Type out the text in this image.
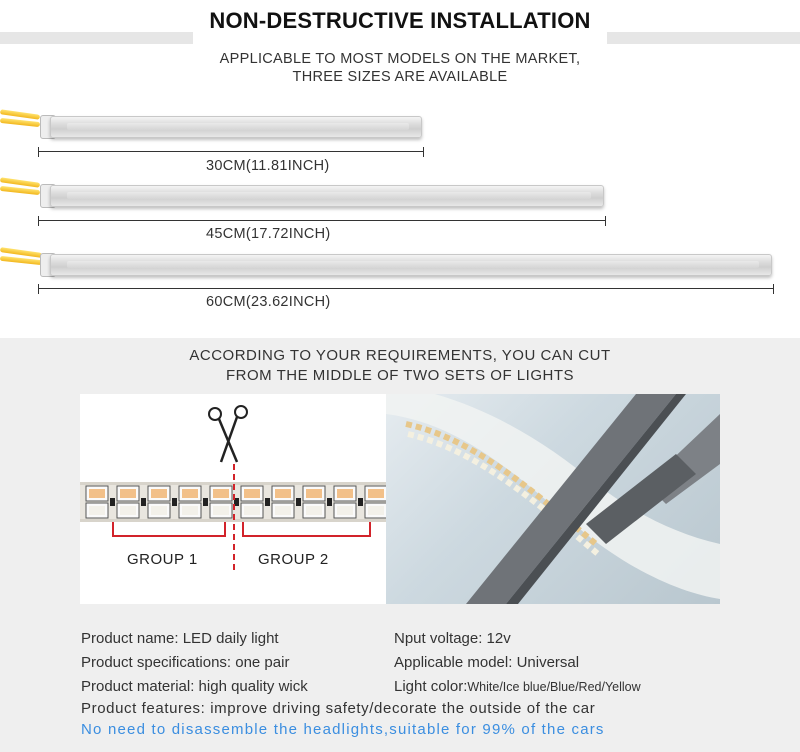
NON-DESTRUCTIVE INSTALLATION
APPLICABLE TO MOST MODELS ON THE MARKET,
THREE SIZES ARE AVAILABLE
30CM(11.81INCH)
45CM(17.72INCH)
60CM(23.62INCH)
ACCORDING TO YOUR REQUIREMENTS, YOU CAN CUT
FROM THE MIDDLE OF TWO SETS OF LIGHTS
GROUP 1	GROUP 2
Product name: LED daily light	Nput voltage: 12v
Product specifications: one pair	Applicable model: Universal
Product material: high quality wick	Light color:White/Ice blue/Blue/Red/Yellow
Product features: improve driving safety/decorate the outside of the car
No need to disassemble the headlights,suitable for 99% of the cars
